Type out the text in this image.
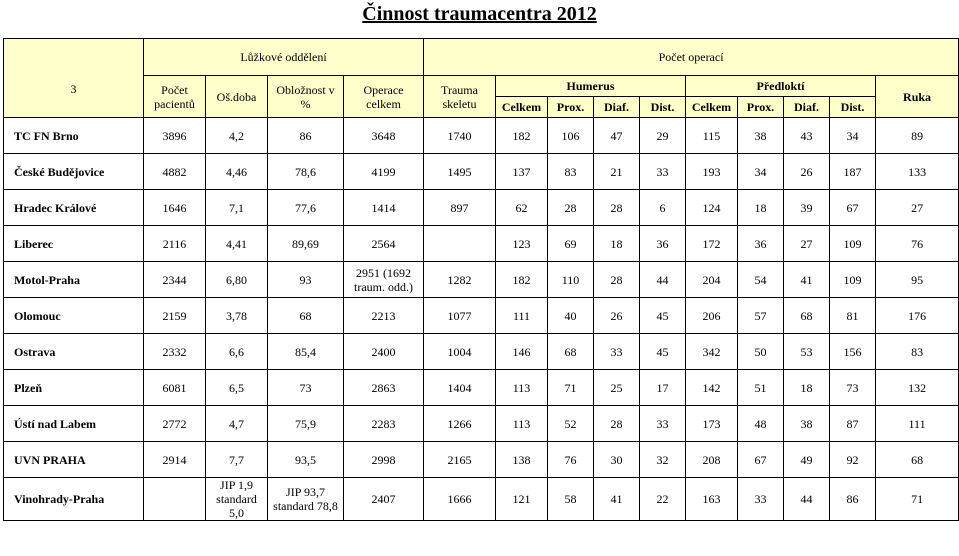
Činnost traumacentra 2012
	Lůžkové oddělení				Počet operací									
3	Počet pacientů	Oš.doba	Obložnost v %	Operace celkem	Trauma skeletu	Humerus				Předloktí				Ruka
						Celkem	Prox.	Diaf.	Dist.	Celkem	Prox.	Diaf.	Dist.	
TC FN Brno	3896	4,2	86	3648	1740	182	106	47	29	115	38	43	34	89
České Budějovice	4882	4,46	78,6	4199	1495	137	83	21	33	193	34	26	187	133
Hradec Králové	1646	7,1	77,6	1414	897	62	28	28	6	124	18	39	67	27
Liberec	2116	4,41	89,69	2564		123	69	18	36	172	36	27	109	76
Motol-Praha	2344	6,80	93	2951 (1692 traum. odd.)	1282	182	110	28	44	204	54	41	109	95
Olomouc	2159	3,78	68	2213	1077	111	40	26	45	206	57	68	81	176
Ostrava	2332	6,6	85,4	2400	1004	146	68	33	45	342	50	53	156	83
Plzeň	6081	6,5	73	2863	1404	113	71	25	17	142	51	18	73	132
Ústí nad Labem	2772	4,7	75,9	2283	1266	113	52	28	33	173	48	38	87	111
UVN PRAHA	2914	7,7	93,5	2998	2165	138	76	30	32	208	67	49	92	68
Vinohrady-Praha		JIP 1,9 standard 5,0	JIP 93,7 standard 78,8	2407	1666	121	58	41	22	163	33	44	86	71
